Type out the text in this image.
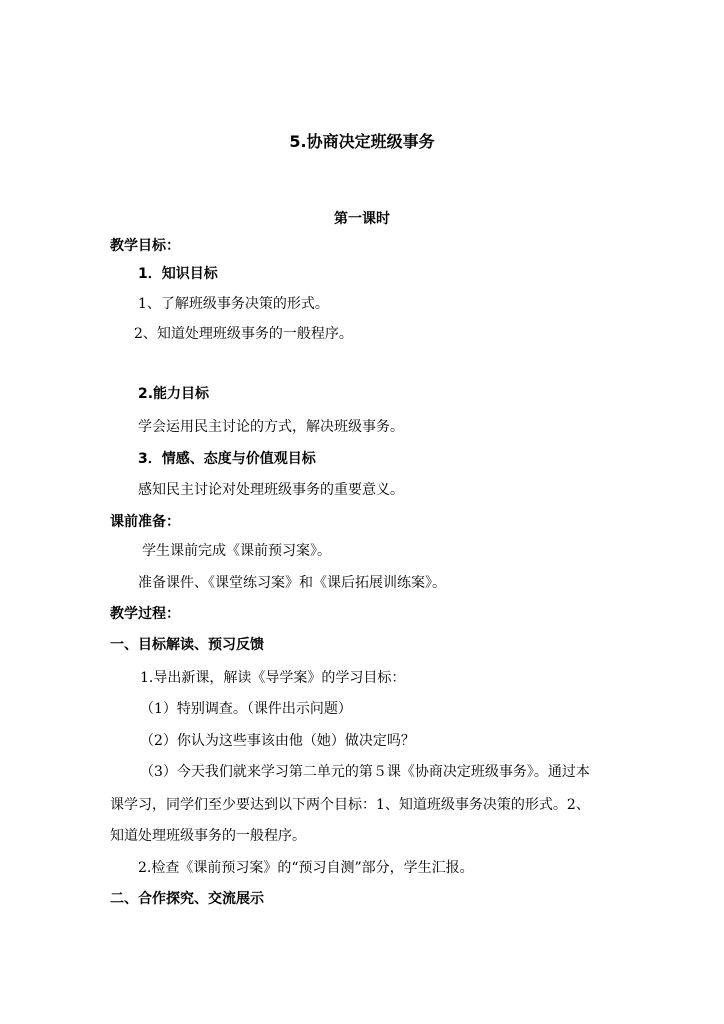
5.协商决定班级事务
第一课时
教学目标：
1．知识目标
1、了解班级事务决策的形式。
2、知道处理班级事务的一般程序。
2.能力目标
学会运用民主讨论的方式，解决班级事务。
3．情感、态度与价值观目标
感知民主讨论对处理班级事务的重要意义。
课前准备：
学生课前完成《课前预习案》。
准备课件、《课堂练习案》和《课后拓展训练案》。
教学过程：
一、目标解读、预习反馈
1.导出新课，解读《导学案》的学习目标：
（1）特别调查。（课件出示问题）
（2）你认为这些事该由他（她）做决定吗？
（3）今天我们就来学习第二单元的第５课《协商决定班级事务》。通过本
课学习，同学们至少要达到以下两个目标：1、知道班级事务决策的形式。2、
知道处理班级事务的一般程序。
2.检查《课前预习案》的“预习自测”部分，学生汇报。
二、合作探究、交流展示
